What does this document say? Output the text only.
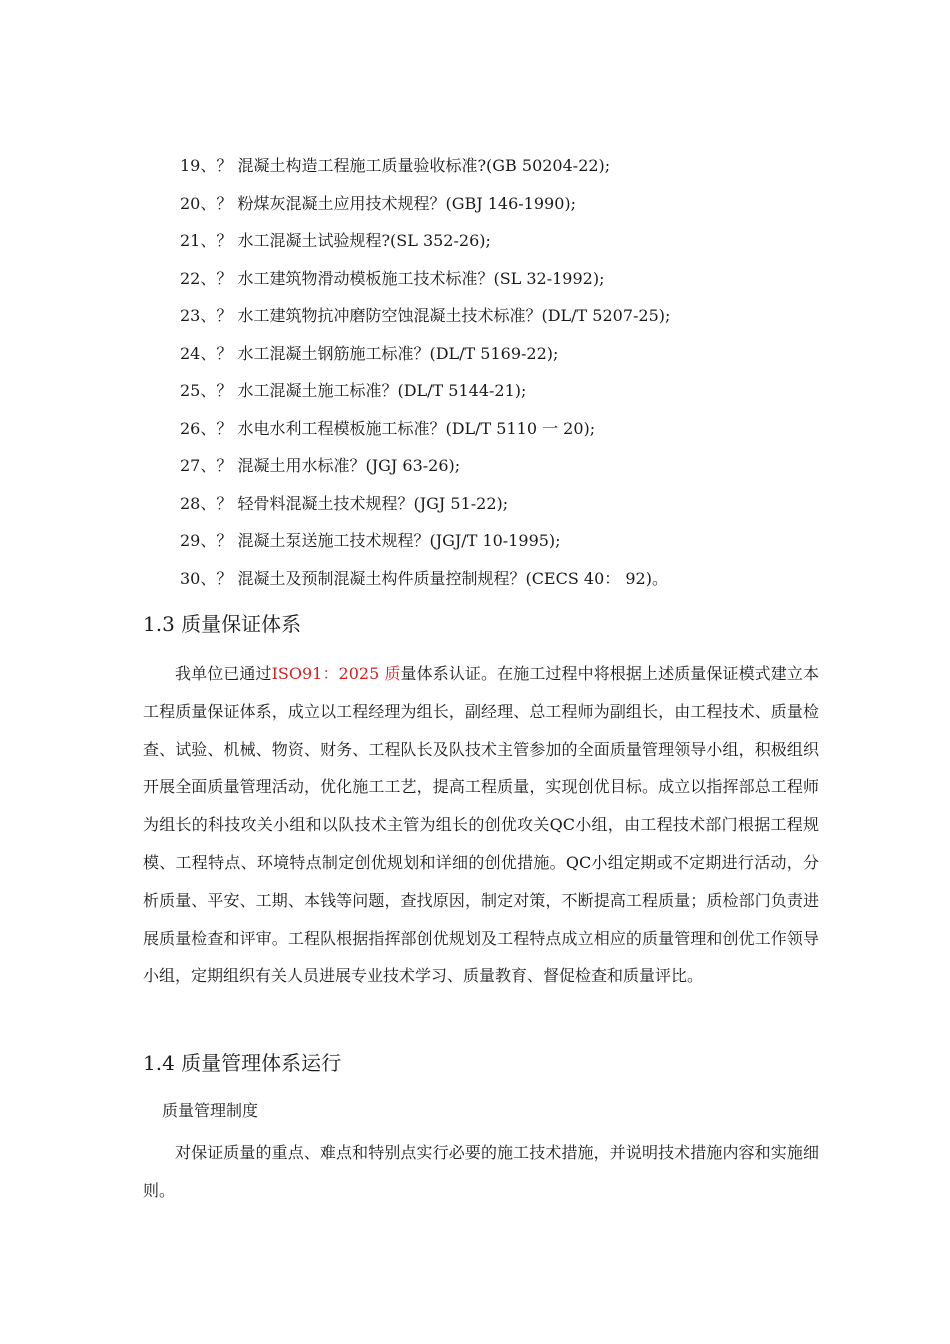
19、？ 混凝土构造工程施工质量验收标准?(GB 50204-22);
20、？ 粉煤灰混凝土应用技术规程？(GBJ 146-1990);
21、？ 水工混凝土试验规程?(SL 352-26);
22、？ 水工建筑物滑动模板施工技术标准？(SL 32-1992);
23、？ 水工建筑物抗冲磨防空蚀混凝土技术标准？(DL/T 5207-25);
24、？ 水工混凝土钢筋施工标准？(DL/T 5169-22);
25、？ 水工混凝土施工标准？(DL/T 5144-21);
26、？ 水电水利工程模板施工标准？(DL/T 5110 一 20);
27、？ 混凝土用水标准？(JGJ 63-26);
28、？ 轻骨料混凝土技术规程？(JGJ 51-22);
29、？ 混凝土泵送施工技术规程？(JGJ/T 10-1995);
30、？ 混凝土及预制混凝土构件质量控制规程？(CECS 40： 92)。
1.3 质量保证体系

我单位已通过ISO91：2025 质量体系认证。在施工过程中将根据上述质量保证模式建立本工程质量保证体系，成立以工程经理为组长，副经理、总工程师为副组长，由工程技术、质量检查、试验、机械、物资、财务、工程队长及队技术主管参加的全面质量管理领导小组，积极组织开展全面质量管理活动，优化施工工艺，提高工程质量，实现创优目标。成立以指挥部总工程师为组长的科技攻关小组和以队技术主管为组长的创优攻关QC小组，由工程技术部门根据工程规模、工程特点、环境特点制定创优规划和详细的创优措施。QC小组定期或不定期进行活动，分析质量、平安、工期、本钱等问题，查找原因，制定对策，不断提高工程质量；质检部门负责进展质量检查和评审。工程队根据指挥部创优规划及工程特点成立相应的质量管理和创优工作领导小组，定期组织有关人员进展专业技术学习、质量教育、督促检查和质量评比。

1.4 质量管理体系运行

质量管理制度

对保证质量的重点、难点和特别点实行必要的施工技术措施，并说明技术措施内容和实施细则。
